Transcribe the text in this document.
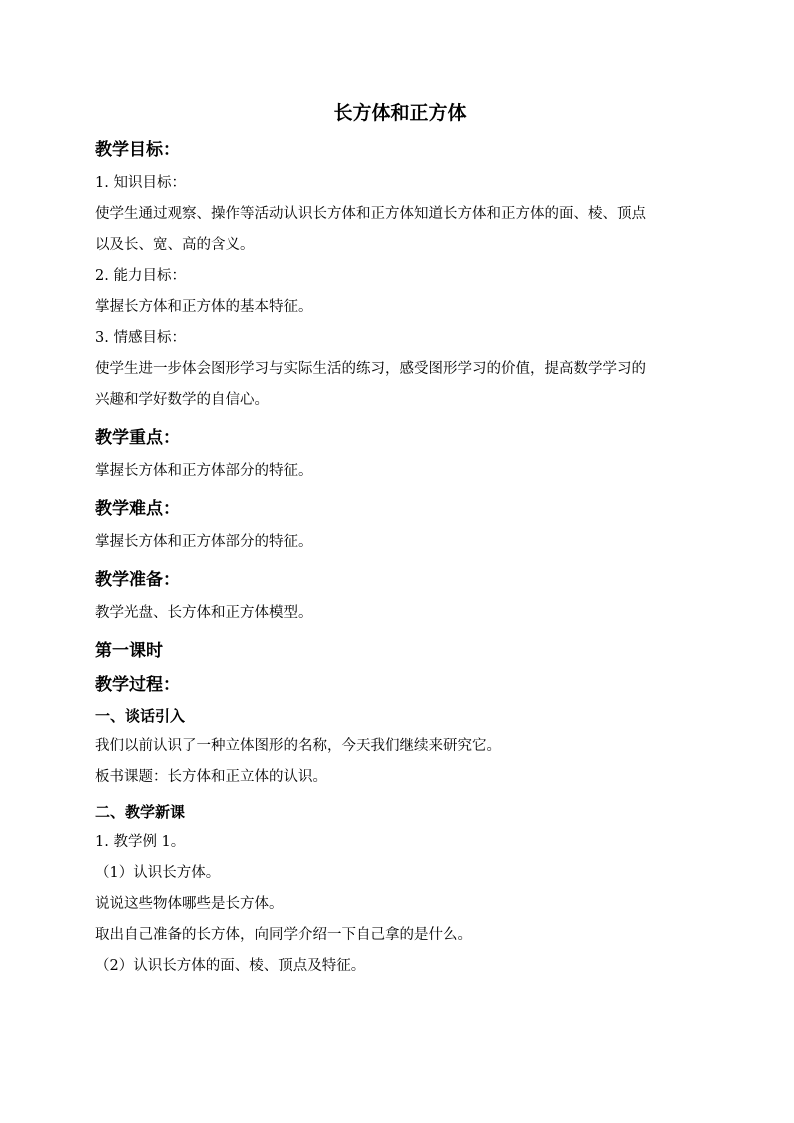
长方体和正方体
教学目标：

1. 知识目标：

使学生通过观察、操作等活动认识长方体和正方体知道长方体和正方体的面、棱、顶点

以及长、宽、高的含义。

2. 能力目标：

掌握长方体和正方体的基本特征。

3. 情感目标：

使学生进一步体会图形学习与实际生活的练习，感受图形学习的价值，提高数学学习的

兴趣和学好数学的自信心。

教学重点：

掌握长方体和正方体部分的特征。

教学难点：

掌握长方体和正方体部分的特征。

教学准备：

教学光盘、长方体和正方体模型。

第一课时
教学过程：
一、谈话引入

我们以前认识了一种立体图形的名称，今天我们继续来研究它。

板书课题：长方体和正立体的认识。

二、教学新课

1. 教学例 1。

（1）认识长方体。

说说这些物体哪些是长方体。

取出自己准备的长方体，向同学介绍一下自己拿的是什么。

（2）认识长方体的面、棱、顶点及特征。
